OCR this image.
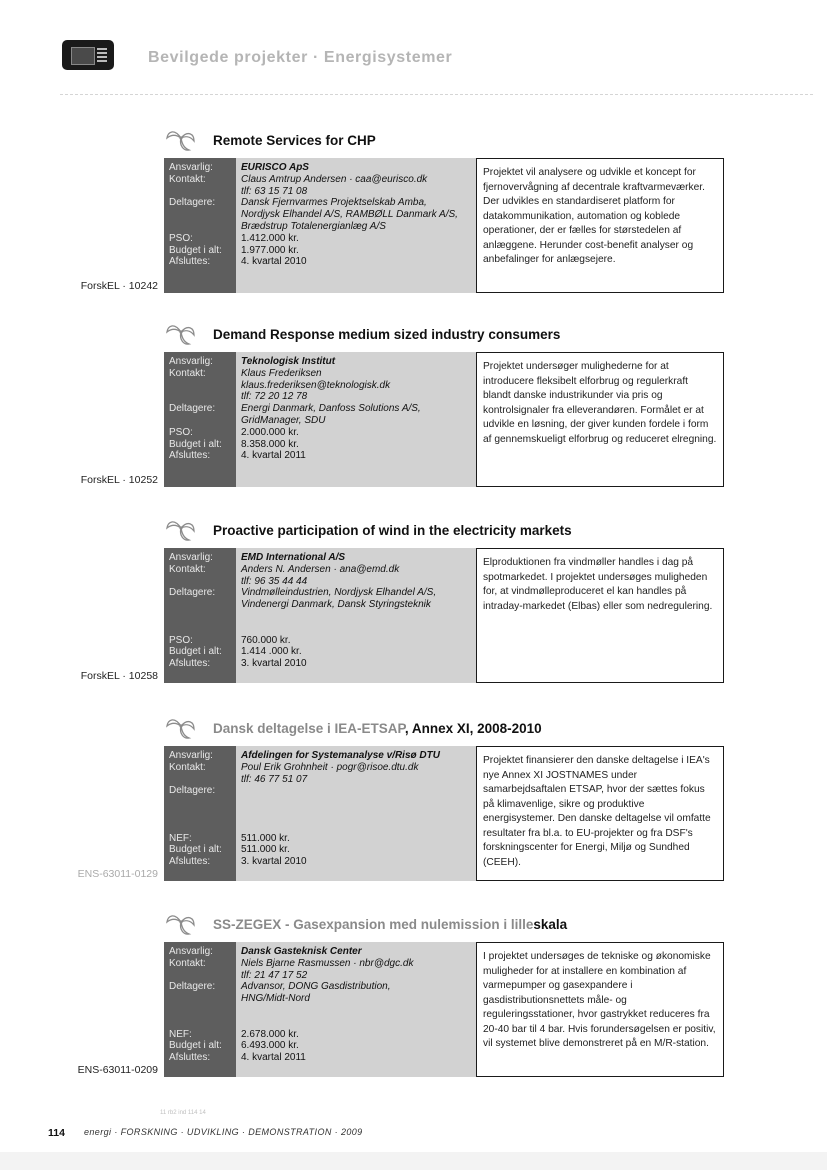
Bevilgede projekter · Energisystemer
Remote Services for CHP
Ansvarlig:
Kontakt:
Deltagere:
PSO:
Budget i alt:
Afsluttes:
EURISCO ApS
Claus Amtrup Andersen · caa@eurisco.dk
tlf: 63 15 71 08
Dansk Fjernvarmes Projektselskab Amba,
Nordjysk Elhandel A/S, RAMBØLL Danmark A/S,
Brædstrup Totalenergianlæg A/S
1.412.000 kr.
1.977.000 kr.
4. kvartal 2010
Projektet vil analysere og udvikle et koncept for fjernovervågning af decentrale kraftvarmeværker. Der udvikles en standardiseret platform for datakommunikation, automation og koblede operationer, der er fælles for størstedelen af anlæggene. Herunder cost-benefit analyser og anbefalinger for anlægsejere.
ForskEL · 10242
Demand Response medium sized industry consumers
Ansvarlig:
Kontakt:
Deltagere:
PSO:
Budget i alt:
Afsluttes:
Teknologisk Institut
Klaus Frederiksen
klaus.frederiksen@teknologisk.dk
tlf: 72 20 12 78
Energi Danmark, Danfoss Solutions A/S,
GridManager, SDU
2.000.000 kr.
8.358.000 kr.
4. kvartal 2011
Projektet undersøger mulighederne for at introducere fleksibelt elforbrug og regulerkraft blandt danske industrikunder via pris og kontrolsignaler fra elleverandøren. Formålet er at udvikle en løsning, der giver kunden fordele i form af gennemskueligt elforbrug og reduceret elregning.
ForskEL · 10252
Proactive participation of wind in the electricity markets
Ansvarlig:
Kontakt:
Deltagere:
PSO:
Budget i alt:
Afsluttes:
EMD International A/S
Anders N. Andersen · ana@emd.dk
tlf: 96 35 44 44
Vindmølleindustrien, Nordjysk Elhandel A/S,
Vindenergi Danmark, Dansk Styringsteknik
760.000 kr.
1.414 .000 kr.
3. kvartal 2010
Elproduktionen fra vindmøller handles i dag på spotmarkedet. I projektet undersøges muligheden for, at vindmølleproduceret el kan handles på intraday-markedet (Elbas) eller som nedregulering.
ForskEL · 10258
Dansk deltagelse i IEA-ETSAP, Annex XI, 2008-2010
Ansvarlig:
Kontakt:
Deltagere:
NEF:
Budget i alt:
Afsluttes:
Afdelingen for Systemanalyse v/Risø DTU
Poul Erik Grohnheit · pogr@risoe.dtu.dk
tlf: 46 77 51 07
511.000 kr.
511.000 kr.
3. kvartal 2010
Projektet finansierer den danske deltagelse i IEA's nye Annex XI JOSTNAMES under samarbejdsaftalen ETSAP, hvor der sættes fokus på klimavenlige, sikre og produktive energisystemer. Den danske deltagelse vil omfatte resultater fra bl.a. to EU-projekter og fra DSF's forskningscenter for Energi, Miljø og Sundhed (CEEH).
ENS-63011-0129
SS-ZEGEX - Gasexpansion med nulemission i lilleskala
Ansvarlig:
Kontakt:
Deltagere:
NEF:
Budget i alt:
Afsluttes:
Dansk Gasteknisk Center
Niels Bjarne Rasmussen · nbr@dgc.dk
tlf: 21 47 17 52
Advansor, DONG Gasdistribution,
HNG/Midt-Nord
2.678.000 kr.
6.493.000 kr.
4. kvartal 2011
I projektet undersøges de tekniske og økonomiske muligheder for at installere en kombination af varmepumper og gasexpandere i gasdistributionsnettets måle- og reguleringsstationer, hvor gastrykket reduceres fra 20-40 bar til 4 bar. Hvis forundersøgelsen er positiv, vil systemet blive demonstreret på en M/R-station.
ENS-63011-0209
11 rb2 ind 114 14
114 energi · FORSKNING · UDVIKLING · DEMONSTRATION · 2009
